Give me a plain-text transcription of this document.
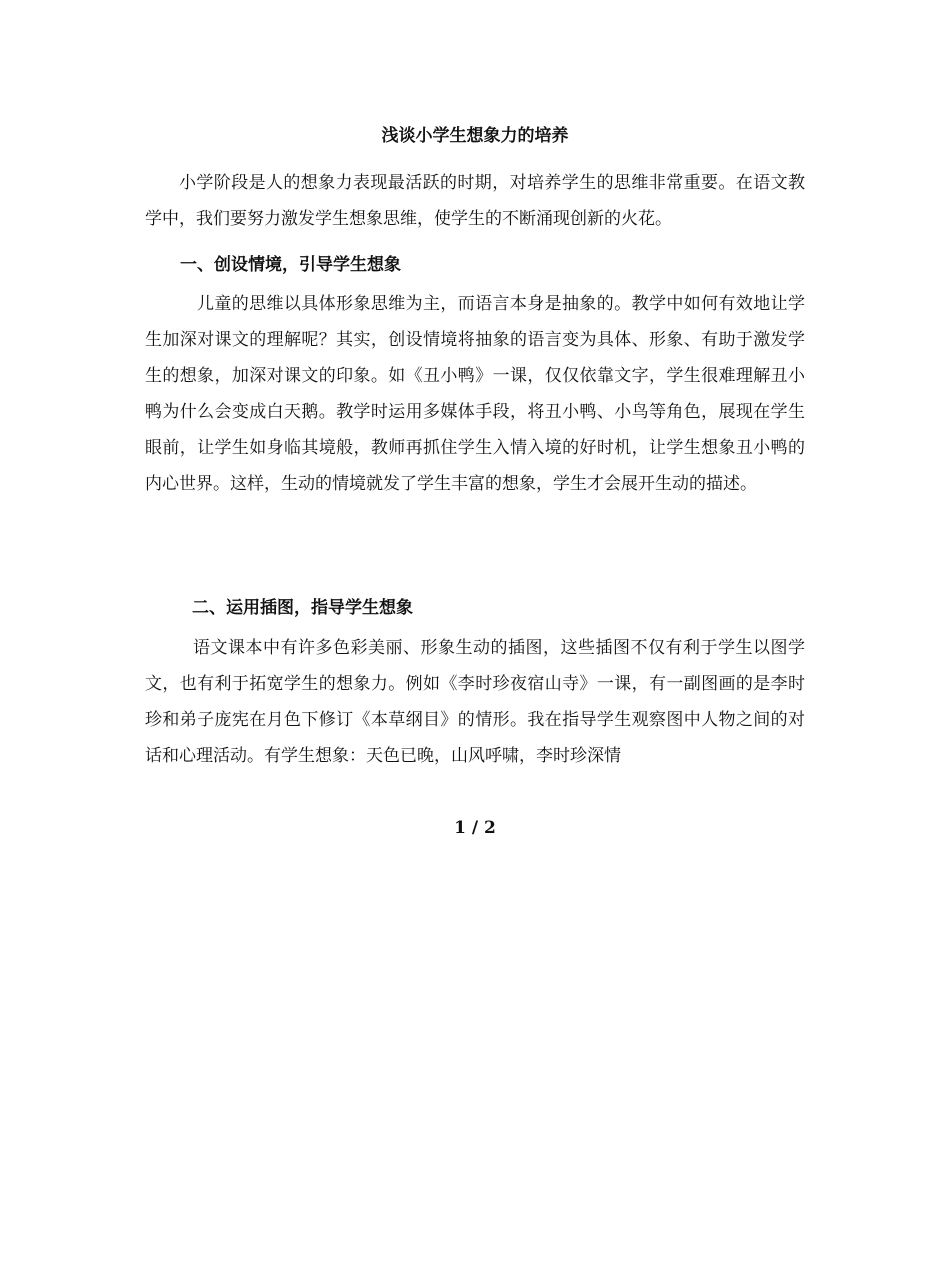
浅谈小学生想象力的培养

小学阶段是人的想象力表现最活跃的时期，对培养学生的思维非常重要。在语文教学中，我们要努力激发学生想象思维，使学生的不断涌现创新的火花。

一、创设情境，引导学生想象

儿童的思维以具体形象思维为主，而语言本身是抽象的。教学中如何有效地让学生加深对课文的理解呢？其实，创设情境将抽象的语言变为具体、形象、有助于激发学生的想象，加深对课文的印象。如《丑小鸭》一课，仅仅依靠文字，学生很难理解丑小鸭为什么会变成白天鹅。教学时运用多媒体手段，将丑小鸭、小鸟等角色，展现在学生眼前，让学生如身临其境般，教师再抓住学生入情入境的好时机，让学生想象丑小鸭的内心世界。这样，生动的情境就发了学生丰富的想象，学生才会展开生动的描述。

二、运用插图，指导学生想象

语文课本中有许多色彩美丽、形象生动的插图，这些插图不仅有利于学生以图学文，也有利于拓宽学生的想象力。例如《李时珍夜宿山寺》一课，有一副图画的是李时珍和弟子庞宪在月色下修订《本草纲目》的情形。我在指导学生观察图中人物之间的对话和心理活动。有学生想象：天色已晚，山风呼啸，李时珍深情

1 / 2
